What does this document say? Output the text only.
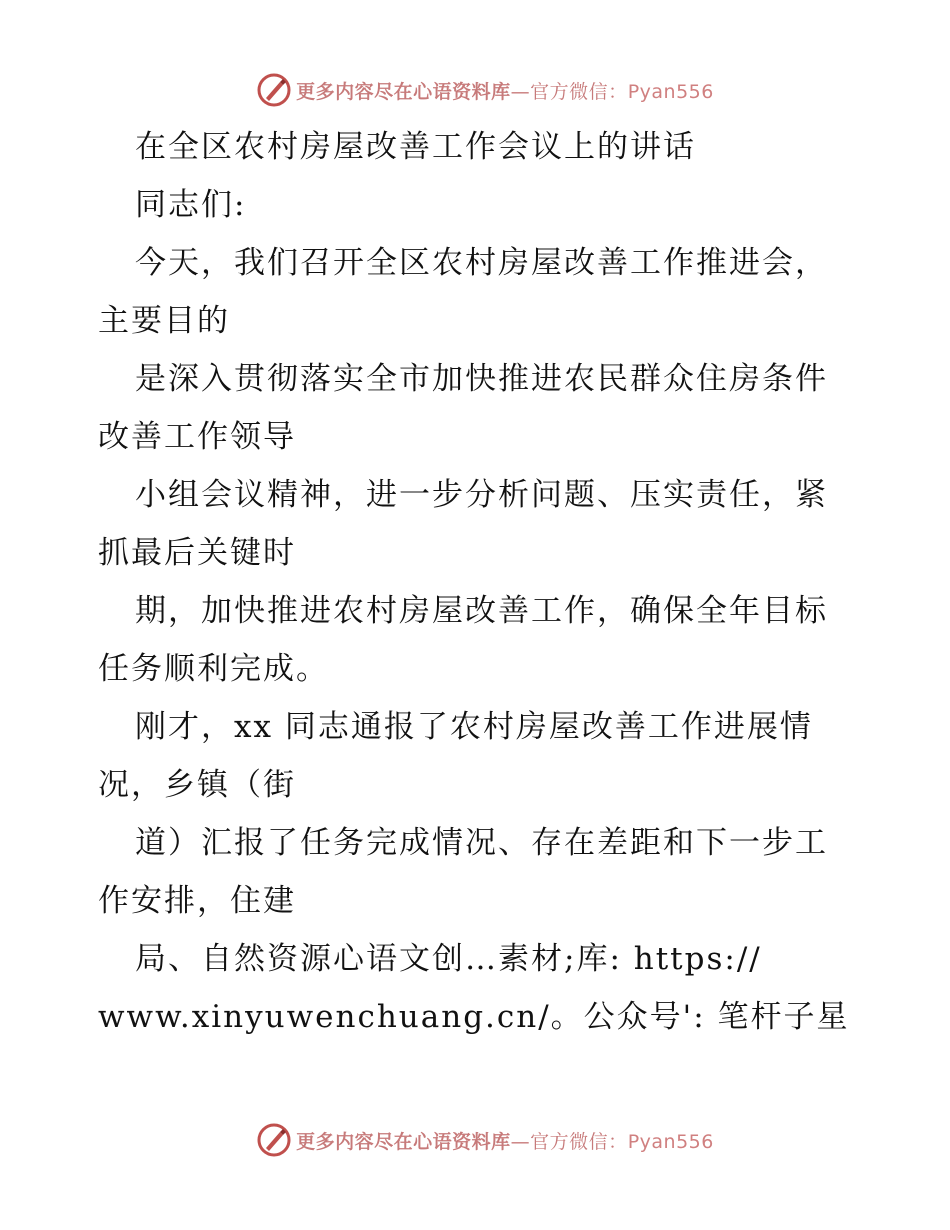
更多内容尽在心语资料库—官方微信：Pyan556
在全区农村房屋改善工作会议上的讲话
同志们:
今天，我们召开全区农村房屋改善工作推进会，
主要目的
是深入贯彻落实全市加快推进农民群众住房条件
改善工作领导
小组会议精神，进一步分析问题、压实责任，紧
抓最后关键时
期，加快推进农村房屋改善工作，确保全年目标
任务顺利完成。
刚才，xx 同志通报了农村房屋改善工作进展情
况，乡镇（街
道）汇报了任务完成情况、存在差距和下一步工
作安排，住建
局、自然资源心语文创…素材;库: https://
www.xinyuwenchuang.cn/。公众号': 笔杆子星
更多内容尽在心语资料库—官方微信：Pyan556
